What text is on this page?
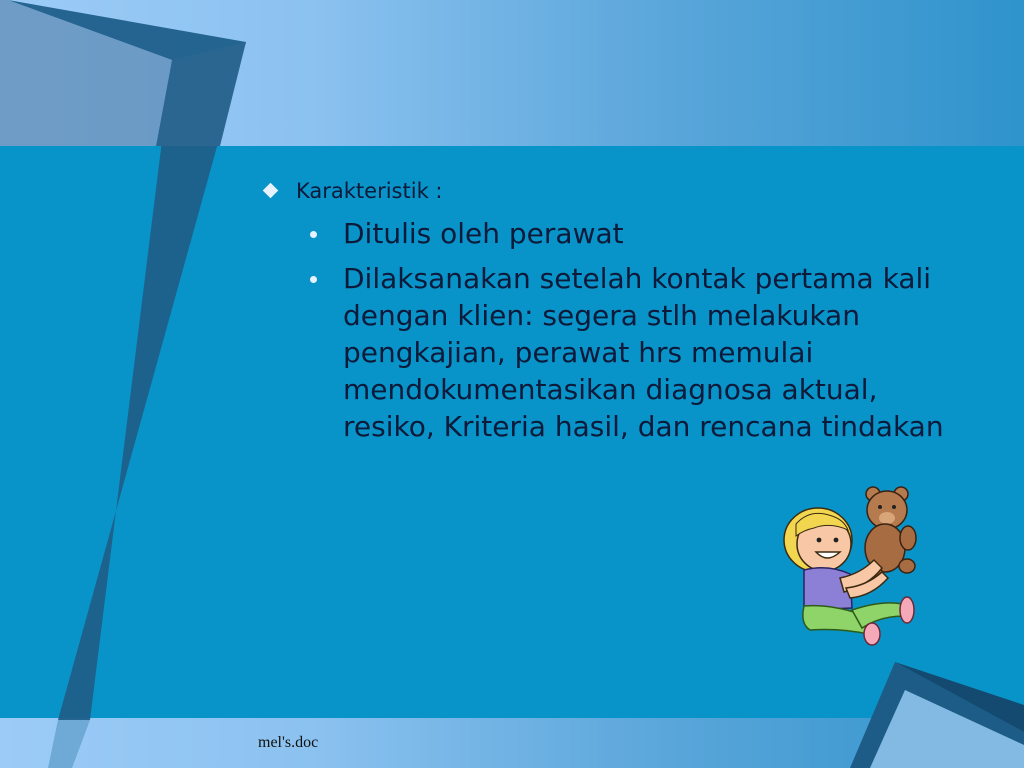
Karakteristik :
Ditulis oleh perawat
Dilaksanakan setelah kontak pertama kali dengan klien: segera stlh melakukan pengkajian, perawat hrs memulai mendokumentasikan diagnosa aktual, resiko, Kriteria hasil, dan rencana tindakan
mel's.doc
